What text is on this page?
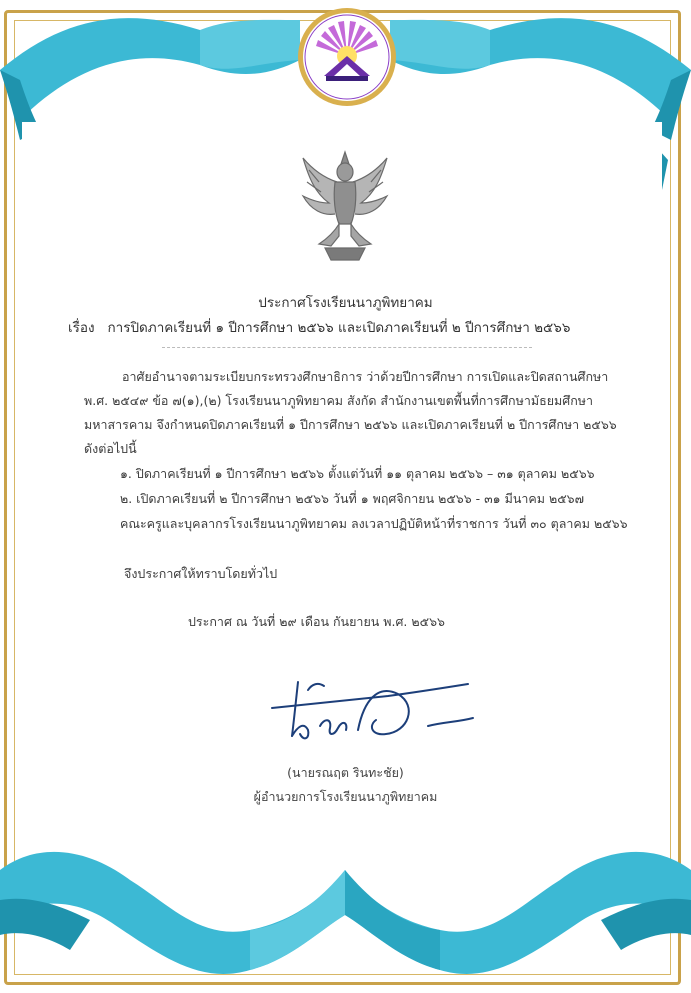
ประกาศโรงเรียนนาภูพิทยาคม
เรื่อง การปิดภาคเรียนที่ ๑ ปีการศึกษา ๒๕๖๖ และเปิดภาคเรียนที่ ๒ ปีการศึกษา ๒๕๖๖
อาศัยอำนาจตามระเบียบกระทรวงศึกษาธิการ ว่าด้วยปีการศึกษา การเปิดและปิดสถานศึกษา
พ.ศ. ๒๕๔๙ ข้อ ๗(๑),(๒) โรงเรียนนาภูพิทยาคม สังกัด สำนักงานเขตพื้นที่การศึกษามัธยมศึกษา
มหาสารคาม จึงกำหนดปิดภาคเรียนที่ ๑ ปีการศึกษา ๒๕๖๖ และเปิดภาคเรียนที่ ๒ ปีการศึกษา ๒๕๖๖
ดังต่อไปนี้
๑. ปิดภาคเรียนที่ ๑ ปีการศึกษา ๒๕๖๖ ตั้งแต่วันที่ ๑๑ ตุลาคม ๒๕๖๖ – ๓๑ ตุลาคม ๒๕๖๖
๒. เปิดภาคเรียนที่ ๒ ปีการศึกษา ๒๕๖๖ วันที่ ๑ พฤศจิกายน ๒๕๖๖ - ๓๑ มีนาคม ๒๕๖๗
คณะครูและบุคลากรโรงเรียนนาภูพิทยาคม ลงเวลาปฏิบัติหน้าที่ราชการ วันที่ ๓๐ ตุลาคม ๒๕๖๖
จึงประกาศให้ทราบโดยทั่วไป
ประกาศ ณ วันที่ ๒๙ เดือน กันยายน พ.ศ. ๒๕๖๖
(นายรณฤต รินทะชัย)
ผู้อำนวยการโรงเรียนนาภูพิทยาคม
